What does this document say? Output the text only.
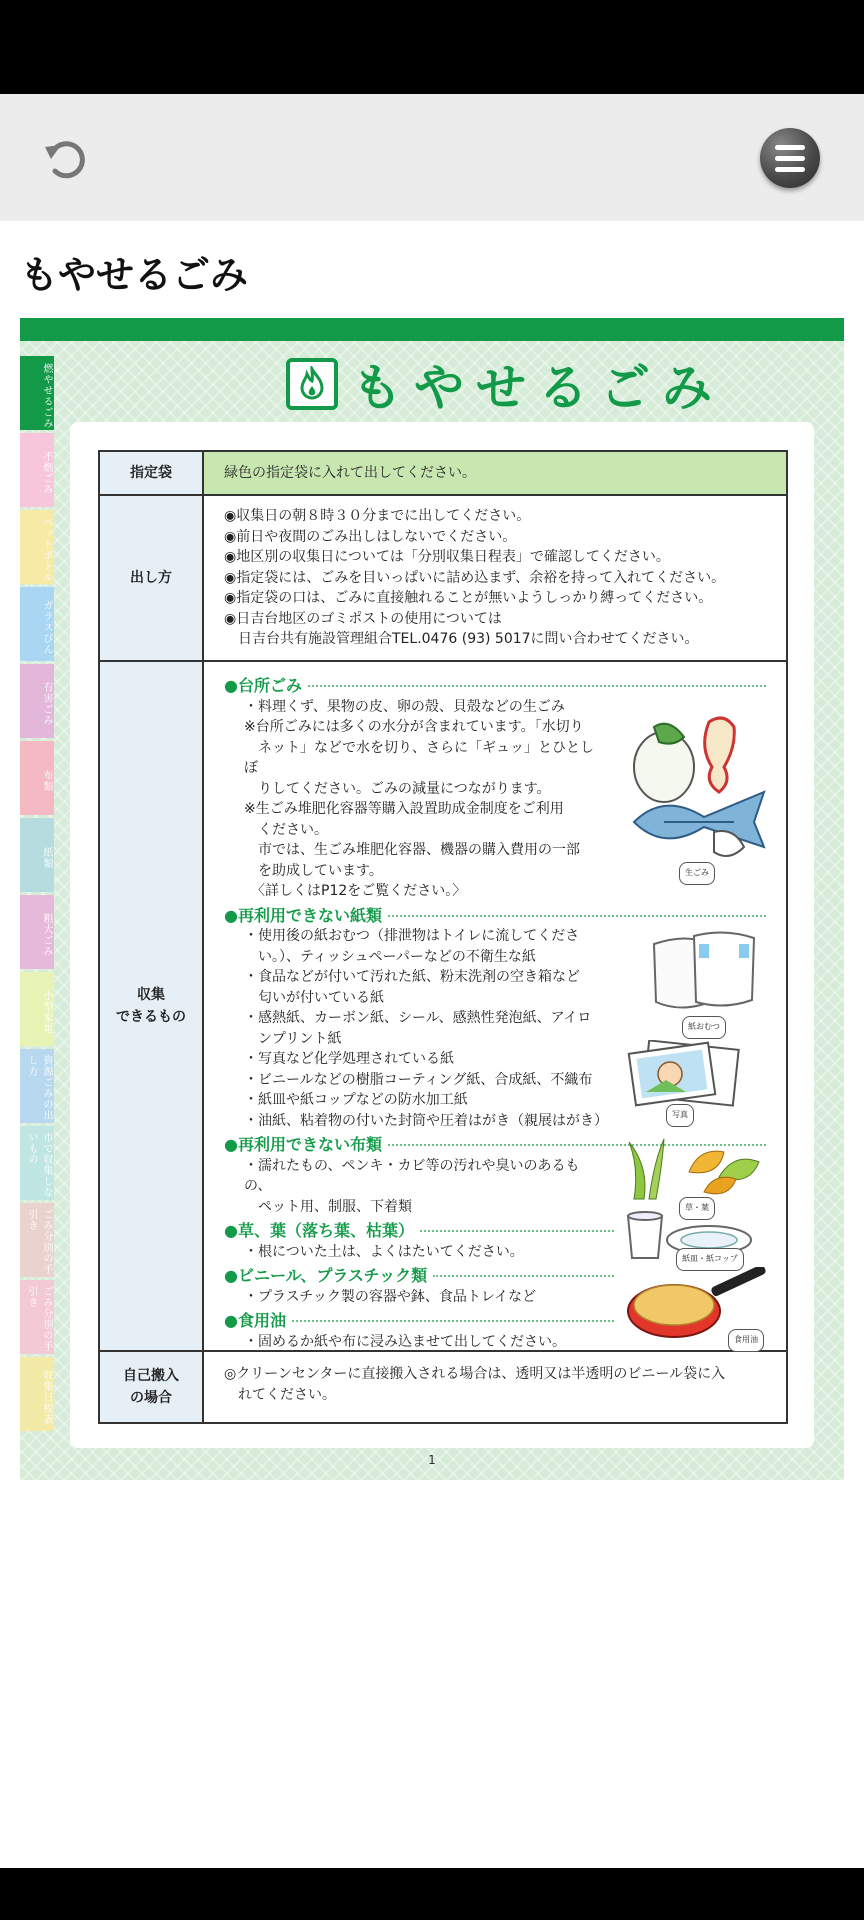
もやせるごみ
燃やせるごみ
不燃ごみ
ペットボトル
ガラスびん
有害ごみ
布類
紙類
粗大ごみ
小型家電
資源ごみの出し方
市で収集しないもの
ごみ分別の手引き
ごみ分別の手引き
収集日程表
もやせるごみ
指定袋	緑色の指定袋に入れて出してください。
出し方

◉収集日の朝８時３０分までに出してください。

◉前日や夜間のごみ出しはしないでください。

◉地区別の収集日については「分別収集日程表」で確認してください。

◉指定袋には、ごみを目いっぱいに詰め込まず、余裕を持って入れてください。

◉指定袋の口は、ごみに直接触れることが無いようしっかり縛ってください。

◉日吉台地区のゴミポストの使用については

　日吉台共有施設管理組合TEL.0476 (93) 5017に問い合わせてください。

収集
できるもの
●台所ごみ

・料理くず、果物の皮、卵の殻、貝殻などの生ごみ

※台所ごみには多くの水分が含まれています。「水切り

　ネット」などで水を切り、さらに「ギュッ」とひとしぼ

　りしてください。ごみの減量につながります。

※生ごみ堆肥化容器等購入設置助成金制度をご利用

　ください。

　市では、生ごみ堆肥化容器、機器の購入費用の一部

　を助成しています。

　〈詳しくはP12をご覧ください。〉

●再利用できない紙類

・使用後の紙おむつ（排泄物はトイレに流してくださ

　い。）、ティッシュペーパーなどの不衛生な紙

・食品などが付いて汚れた紙、粉末洗剤の空き箱など

　匂いが付いている紙

・感熱紙、カーボン紙、シール、感熱性発泡紙、アイロ

　ンプリント紙

・写真など化学処理されている紙

・ビニールなどの樹脂コーティング紙、合成紙、不織布

・紙皿や紙コップなどの防水加工紙

・油紙、粘着物の付いた封筒や圧着はがき（親展はがき）

●再利用できない布類

・濡れたもの、ペンキ・カビ等の汚れや臭いのあるもの、

　ペット用、制服、下着類

●草、葉（落ち葉、枯葉）

・根についた土は、よくはたいてください。

●ビニール、プラスチック類

・プラスチック製の容器や鉢、食品トレイなど

●食用油

・固めるか紙や布に浸み込ませて出してください。

生ごみ
紙おむつ
写真
草・葉
紙皿・紙コップ
食用油
自己搬入
の場合

◎クリーンセンターに直接搬入される場合は、透明又は半透明のビニール袋に入

　れてください。

1
